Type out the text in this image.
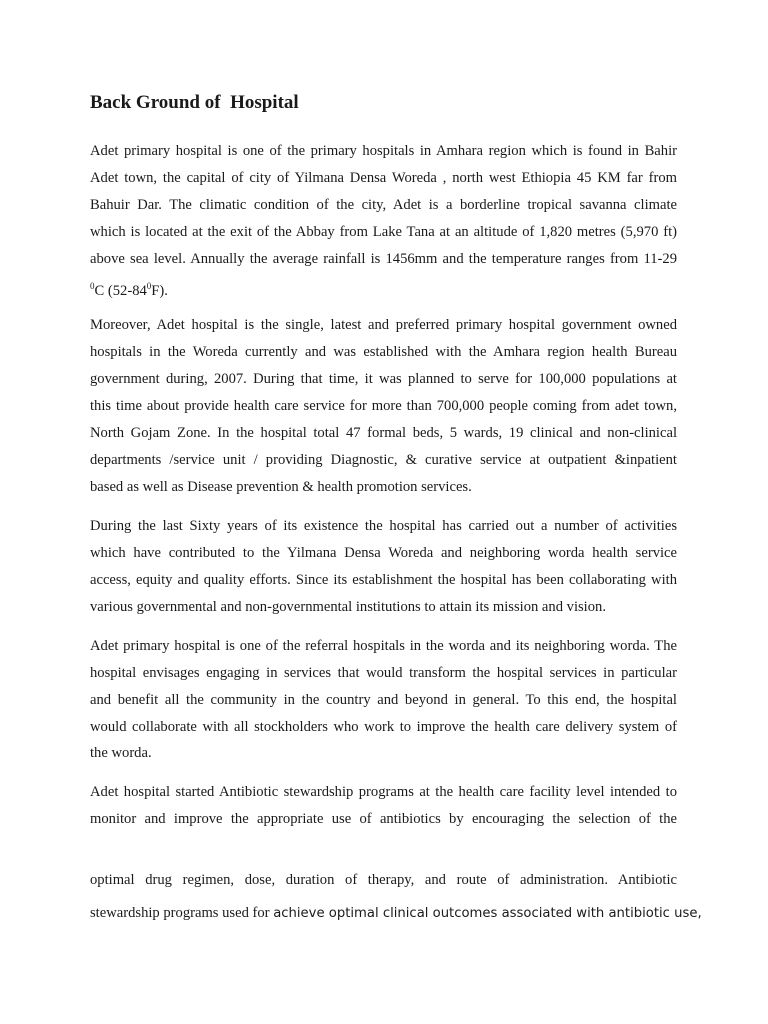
Back Ground of  Hospital
Adet primary hospital is one of the primary hospitals in Amhara region which is found in Bahir
Adet town, the capital of city of Yilmana Densa Woreda , north west Ethiopia 45 KM far from
Bahuir Dar. The climatic condition of the city, Adet is a borderline tropical savanna climate
which is located at the exit of the Abbay from Lake Tana at an altitude of 1,820 metres (5,970 ft)
above sea level. Annually the average rainfall is 1456mm and the temperature ranges from 11-29
$^0$C $(52-84^0F)$.
Moreover, Adet hospital is the single, latest and preferred primary hospital government owned
hospitals in the Woreda currently and was established with the Amhara region health Bureau
government during, 2007. During that time, it was planned to serve for 100,000 populations at
this time about provide health care service for more than 700,000 people coming from adet town,
North Gojam Zone. In the hospital total 47 formal beds, 5 wards, 19 clinical and non-clinical
departments /service unit / providing Diagnostic, & curative service at outpatient &inpatient
based as well as Disease prevention & health promotion services.
During the last Sixty years of its existence the hospital has carried out a number of activities
which have contributed to the Yilmana Densa Woreda and neighboring worda health service
access, equity and quality efforts. Since its establishment the hospital has been collaborating with
various governmental and non-governmental institutions to attain its mission and vision.
Adet primary hospital is one of the referral hospitals in the worda and its neighboring worda. The
hospital envisages engaging in services that would transform the hospital services in particular
and benefit all the community in the country and beyond in general. To this end, the hospital
would collaborate with all stockholders who work to improve the health care delivery system of
the worda.
Adet hospital started Antibiotic stewardship programs at the health care facility level intended to
monitor and improve the appropriate use of antibiotics by encouraging the selection of the
optimal drug regimen, dose, duration of therapy, and route of administration. Antibiotic
stewardship programs used for achieve optimal clinical outcomes associated with antibiotic use,
